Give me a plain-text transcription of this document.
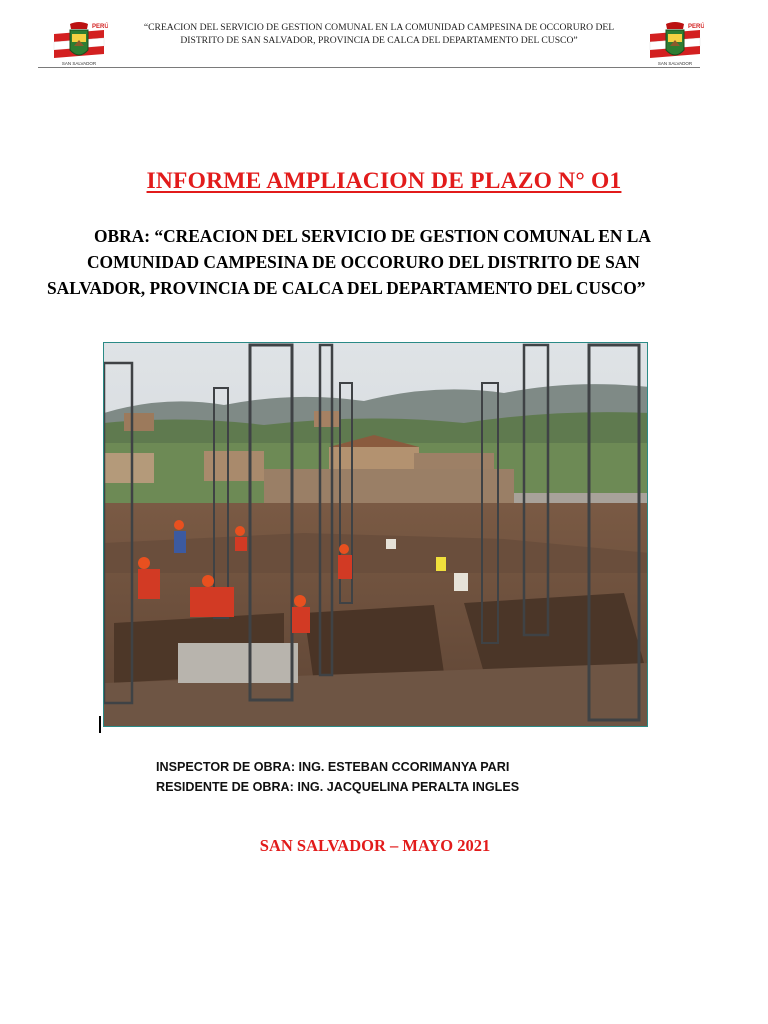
PERÚ
SAN SALVADOR
“CREACION DEL SERVICIO DE GESTION COMUNAL EN LA COMUNIDAD CAMPESINA DE OCCORURO DEL DISTRITO DE SAN SALVADOR, PROVINCIA DE CALCA DEL DEPARTAMENTO DEL CUSCO”
PERÚ
SAN SALVADOR
INFORME AMPLIACION DE PLAZO N° O1
OBRA: “CREACION DEL SERVICIO DE GESTION COMUNAL EN LA
COMUNIDAD CAMPESINA DE OCCORURO DEL DISTRITO DE SAN
SALVADOR, PROVINCIA DE CALCA DEL DEPARTAMENTO DEL CUSCO”
INSPECTOR DE OBRA: ING. ESTEBAN CCORIMANYA PARI
RESIDENTE DE OBRA: ING. JACQUELINA PERALTA INGLES
SAN SALVADOR – MAYO 2021
